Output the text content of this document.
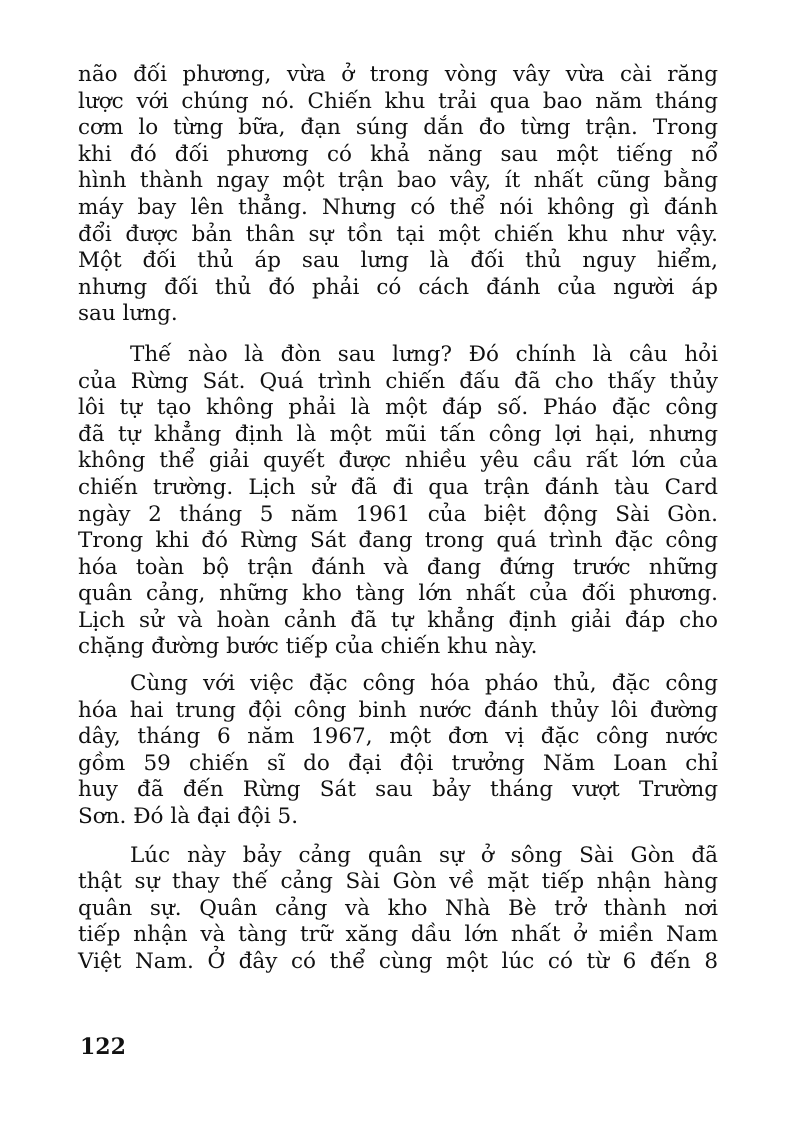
não đối phương, vừa ở trong vòng vây vừa cài răng
lược với chúng nó. Chiến khu trải qua bao năm tháng
cơm lo từng bữa, đạn súng dắn đo từng trận. Trong
khi đó đối phương có khả năng sau một tiếng nổ
hình thành ngay một trận bao vây, ít nhất cũng bằng
máy bay lên thẳng. Nhưng có thể nói không gì đánh
đổi được bản thân sự tồn tại một chiến khu như vậy.
Một đối thủ áp sau lưng là đối thủ nguy hiểm,
nhưng đối thủ đó phải có cách đánh của người áp
sau lưng.

Thế nào là đòn sau lưng? Đó chính là câu hỏi
của Rừng Sát. Quá trình chiến đấu đã cho thấy thủy
lôi tự tạo không phải là một đáp số. Pháo đặc công
đã tự khẳng định là một mũi tấn công lợi hại, nhưng
không thể giải quyết được nhiều yêu cầu rất lớn của
chiến trường. Lịch sử đã đi qua trận đánh tàu Card
ngày 2 tháng 5 năm 1961 của biệt động Sài Gòn.
Trong khi đó Rừng Sát đang trong quá trình đặc công
hóa toàn bộ trận đánh và đang đứng trước những
quân cảng, những kho tàng lớn nhất của đối phương.
Lịch sử và hoàn cảnh đã tự khẳng định giải đáp cho
chặng đường bước tiếp của chiến khu này.

Cùng với việc đặc công hóa pháo thủ, đặc công
hóa hai trung đội công binh nước đánh thủy lôi đường
dây, tháng 6 năm 1967, một đơn vị đặc công nước
gồm 59 chiến sĩ do đại đội trưởng Năm Loan chỉ
huy đã đến Rừng Sát sau bảy tháng vượt Trường
Sơn. Đó là đại đội 5.

Lúc này bảy cảng quân sự ở sông Sài Gòn đã
thật sự thay thế cảng Sài Gòn về mặt tiếp nhận hàng
quân sự. Quân cảng và kho Nhà Bè trở thành nơi
tiếp nhận và tàng trữ xăng dầu lớn nhất ở miền Nam
Việt Nam. Ở đây có thể cùng một lúc có từ 6 đến 8

122
